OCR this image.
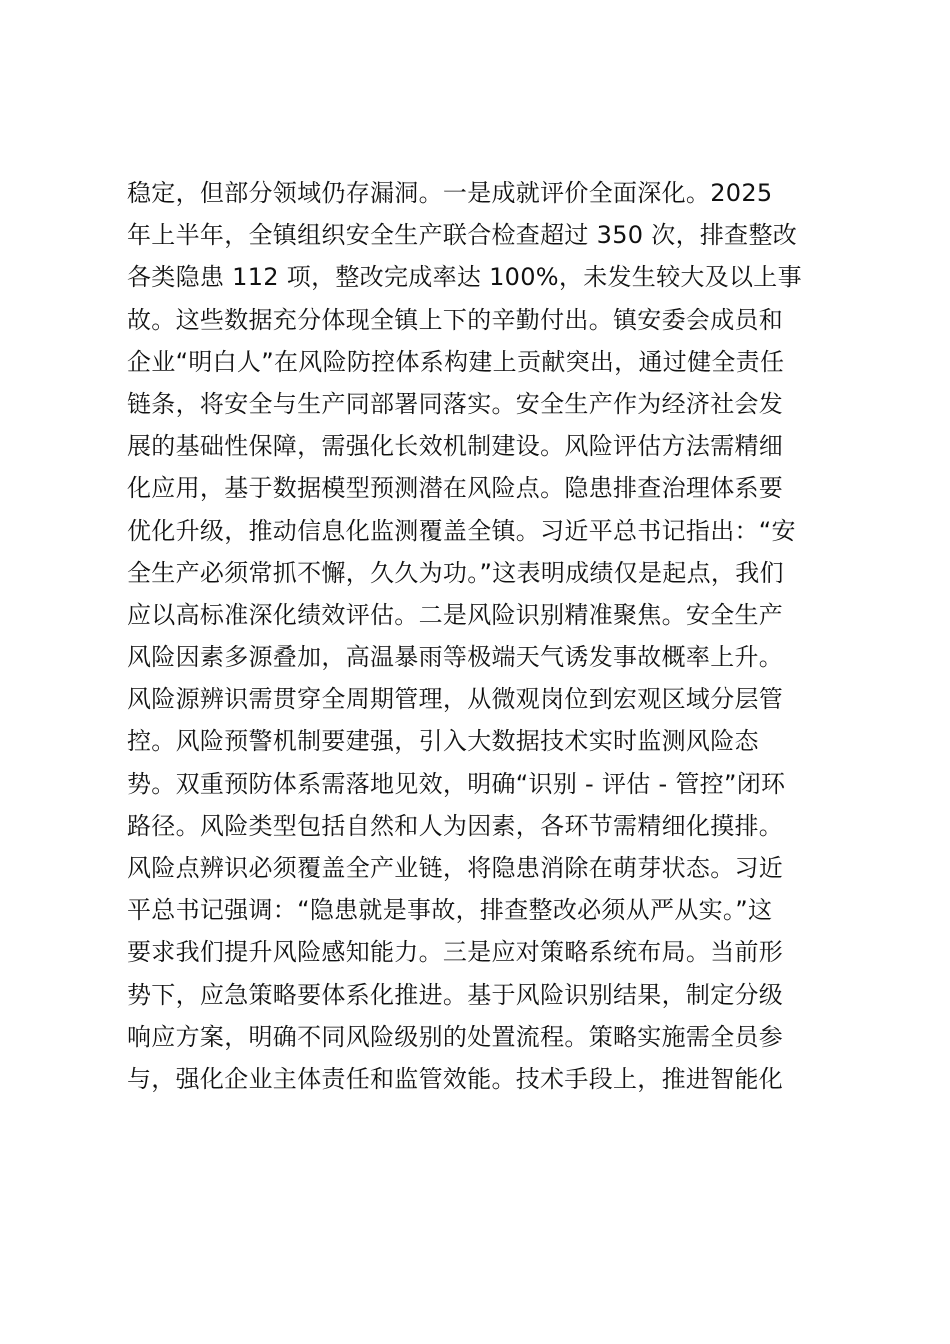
稳定，但部分领域仍存漏洞。一是成就评价全面深化。2025
年上半年，全镇组织安全生产联合检查超过 350 次，排查整改
各类隐患 112 项，整改完成率达 100%，未发生较大及以上事
故。这些数据充分体现全镇上下的辛勤付出。镇安委会成员和
企业“明白人”在风险防控体系构建上贡献突出，通过健全责任
链条，将安全与生产同部署同落实。安全生产作为经济社会发
展的基础性保障，需强化长效机制建设。风险评估方法需精细
化应用，基于数据模型预测潜在风险点。隐患排查治理体系要
优化升级，推动信息化监测覆盖全镇。习近平总书记指出：“安
全生产必须常抓不懈，久久为功。”这表明成绩仅是起点，我们
应以高标准深化绩效评估。二是风险识别精准聚焦。安全生产
风险因素多源叠加，高温暴雨等极端天气诱发事故概率上升。
风险源辨识需贯穿全周期管理，从微观岗位到宏观区域分层管
控。风险预警机制要建强，引入大数据技术实时监测风险态
势。双重预防体系需落地见效，明确“识别 - 评估 - 管控”闭环
路径。风险类型包括自然和人为因素，各环节需精细化摸排。
风险点辨识必须覆盖全产业链，将隐患消除在萌芽状态。习近
平总书记强调：“隐患就是事故，排查整改必须从严从实。”这
要求我们提升风险感知能力。三是应对策略系统布局。当前形
势下，应急策略要体系化推进。基于风险识别结果，制定分级
响应方案，明确不同风险级别的处置流程。策略实施需全员参
与，强化企业主体责任和监管效能。技术手段上，推进智能化
